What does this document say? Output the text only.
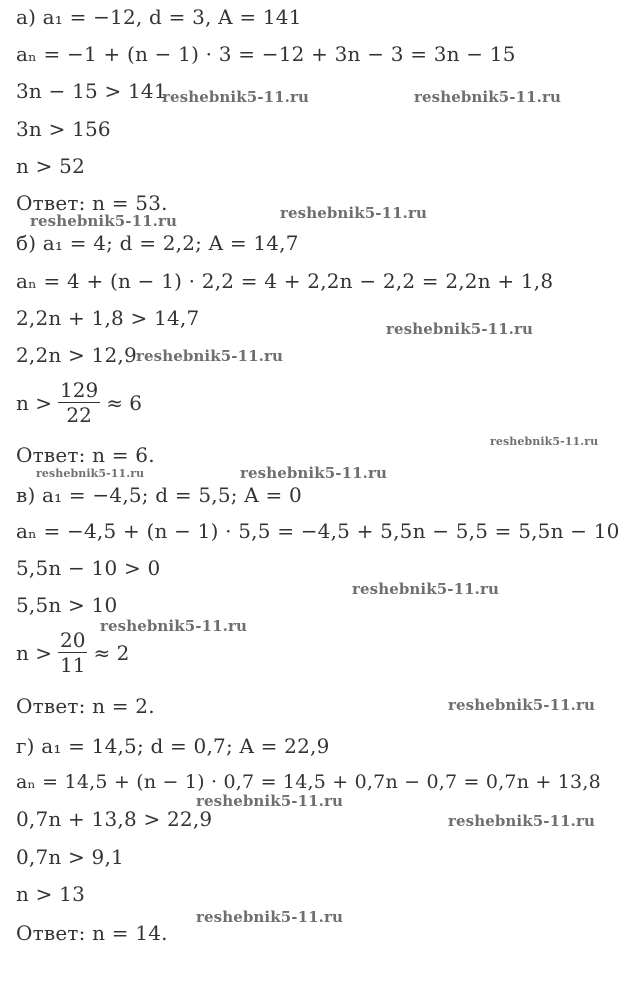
а) a₁ = −12, d = 3, A = 141
aₙ = −1 + (n − 1) · 3 = −12 + 3n − 3 = 3n − 15
3n − 15 > 141
3n > 156
n > 52
Ответ: n = 53.
б) a₁ = 4; d = 2,2; A = 14,7
aₙ = 4 + (n − 1) · 2,2 = 4 + 2,2n − 2,2 = 2,2n + 1,8
2,2n + 1,8 > 14,7
2,2n > 12,9
$n > \frac{129}{22} \approx 6$
Ответ: n = 6.
в) a₁ = −4,5; d = 5,5; A = 0
aₙ = −4,5 + (n − 1) · 5,5 = −4,5 + 5,5n − 5,5 = 5,5n − 10
5,5n − 10 > 0
5,5n > 10
$n > \frac{20}{11} \approx 2$
Ответ: n = 2.
г) a₁ = 14,5; d = 0,7; A = 22,9
aₙ = 14,5 + (n − 1) · 0,7 = 14,5 + 0,7n − 0,7 = 0,7n + 13,8
0,7n + 13,8 > 22,9
0,7n > 9,1
n > 13
Ответ: n = 14.
reshebnik5-11.ru	reshebnik5-11.ru
reshebnik5-11.ru
reshebnik5-11.ru
reshebnik5-11.ru
reshebnik5-11.ru
reshebnik5-11.ru
reshebnik5-11.ru	reshebnik5-11.ru
reshebnik5-11.ru
reshebnik5-11.ru
reshebnik5-11.ru
reshebnik5-11.ru
reshebnik5-11.ru
reshebnik5-11.ru
